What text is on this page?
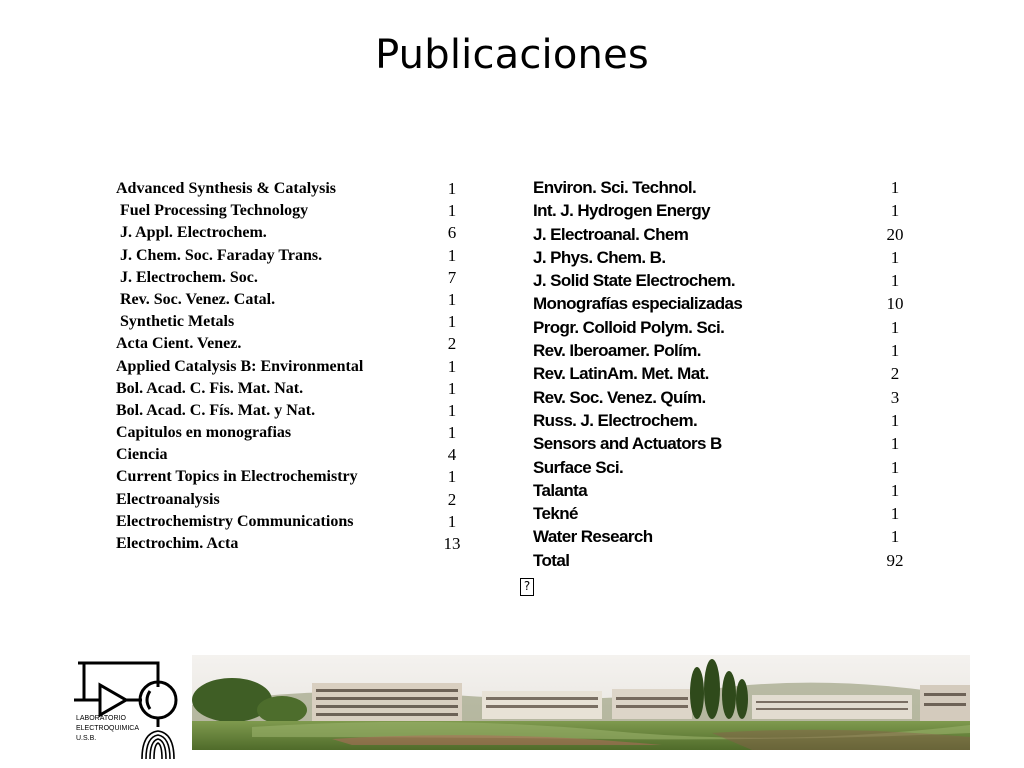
Publicaciones
Advanced Synthesis & Catalysis	1
Fuel Processing Technology	1
J. Appl. Electrochem.	6
J. Chem. Soc. Faraday Trans.	1
J. Electrochem. Soc.	7
Rev. Soc. Venez. Catal.	1
Synthetic Metals	1
Acta Cient. Venez.	2
Applied Catalysis B: Environmental	1
Bol. Acad. C. Fis. Mat. Nat.	1
Bol. Acad. C. Fís. Mat. y Nat.	1
Capitulos en monografias	1
Ciencia	4
Current Topics in Electrochemistry	1
Electroanalysis	2
Electrochemistry Communications	1
Electrochim. Acta	13
Environ. Sci. Technol.	1
Int. J. Hydrogen Energy	1
J. Electroanal. Chem	20
J. Phys. Chem. B.	1
J. Solid State Electrochem.	1
Monografías especializadas	10
Progr. Colloid Polym. Sci.	1
Rev. Iberoamer. Polím.	1
Rev. LatinAm. Met. Mat.	2
Rev. Soc. Venez. Quím.	3
Russ. J. Electrochem.	1
Sensors and Actuators B	1
Surface Sci.	1
Talanta	1
Tekné	1
Water Research	1
Total	92
?
LABORATORIO
ELECTROQUIMICA
U.S.B.
